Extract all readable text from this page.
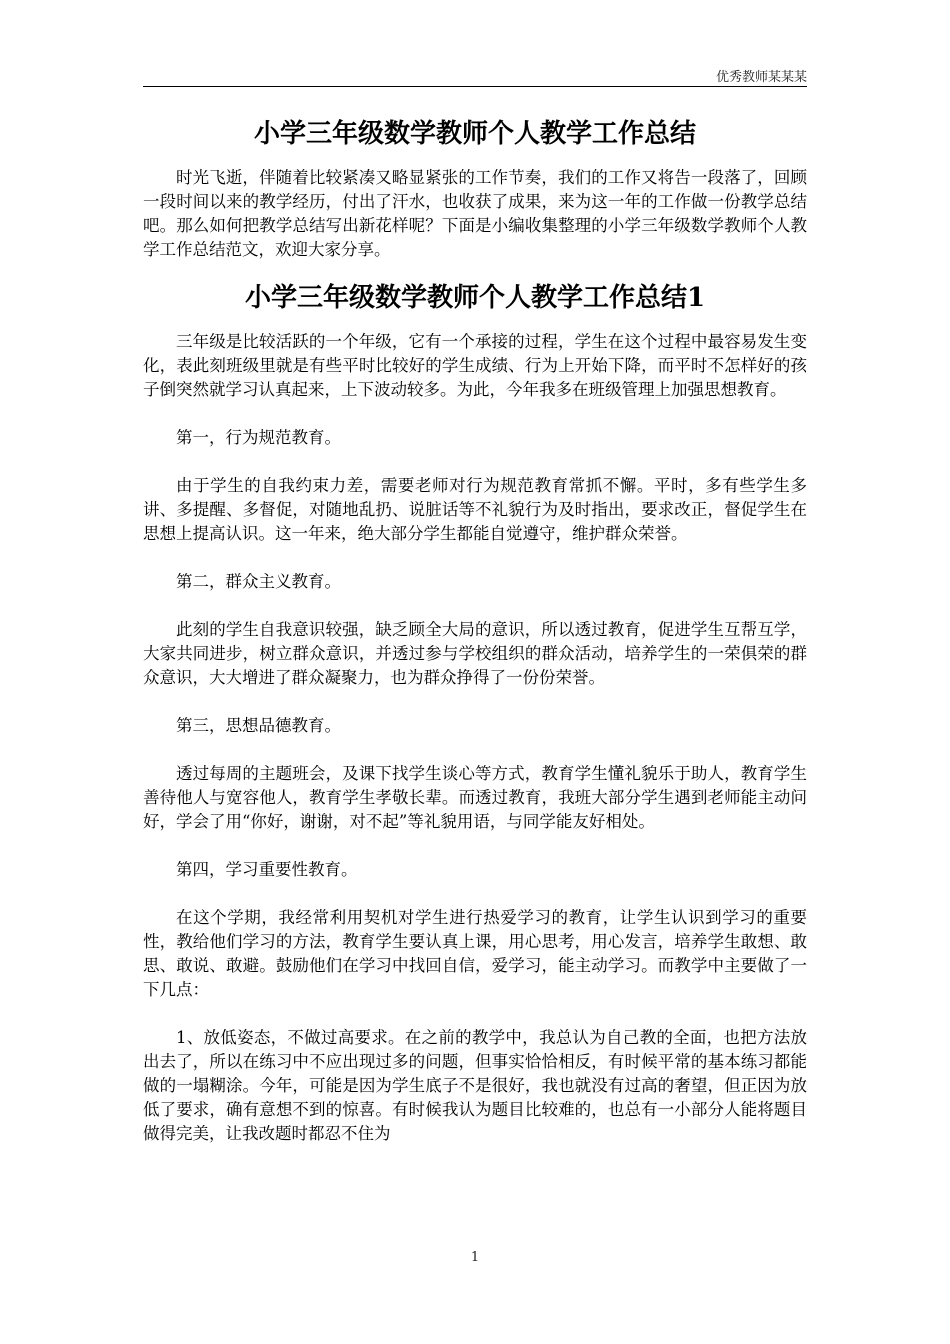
优秀教师某某某
小学三年级数学教师个人教学工作总结

时光飞逝，伴随着比较紧凑又略显紧张的工作节奏，我们的工作又将告一段落了，回顾一段时间以来的教学经历，付出了汗水，也收获了成果，来为这一年的工作做一份教学总结吧。那么如何把教学总结写出新花样呢？下面是小编收集整理的小学三年级数学教师个人教学工作总结范文，欢迎大家分享。

小学三年级数学教师个人教学工作总结1

三年级是比较活跃的一个年级，它有一个承接的过程，学生在这个过程中最容易发生变化，表此刻班级里就是有些平时比较好的学生成绩、行为上开始下降，而平时不怎样好的孩子倒突然就学习认真起来，上下波动较多。为此，今年我多在班级管理上加强思想教育。

第一，行为规范教育。

由于学生的自我约束力差，需要老师对行为规范教育常抓不懈。平时，多有些学生多讲、多提醒、多督促，对随地乱扔、说脏话等不礼貌行为及时指出，要求改正，督促学生在思想上提高认识。这一年来，绝大部分学生都能自觉遵守，维护群众荣誉。

第二，群众主义教育。

此刻的学生自我意识较强，缺乏顾全大局的意识，所以透过教育，促进学生互帮互学，大家共同进步，树立群众意识，并透过参与学校组织的群众活动，培养学生的一荣俱荣的群众意识，大大增进了群众凝聚力，也为群众挣得了一份份荣誉。

第三，思想品德教育。

透过每周的主题班会，及课下找学生谈心等方式，教育学生懂礼貌乐于助人，教育学生善待他人与宽容他人，教育学生孝敬长辈。而透过教育，我班大部分学生遇到老师能主动问好，学会了用“你好，谢谢，对不起”等礼貌用语，与同学能友好相处。

第四，学习重要性教育。

在这个学期，我经常利用契机对学生进行热爱学习的教育，让学生认识到学习的重要性，教给他们学习的方法，教育学生要认真上课，用心思考，用心发言，培养学生敢想、敢思、敢说、敢避。鼓励他们在学习中找回自信，爱学习，能主动学习。而教学中主要做了一下几点：

1、放低姿态，不做过高要求。在之前的教学中，我总认为自己教的全面，也把方法放出去了，所以在练习中不应出现过多的问题，但事实恰恰相反，有时候平常的基本练习都能做的一塌糊涂。今年，可能是因为学生底子不是很好，我也就没有过高的奢望，但正因为放低了要求，确有意想不到的惊喜。有时候我认为题目比较难的，也总有一小部分人能将题目做得完美，让我改题时都忍不住为

1
